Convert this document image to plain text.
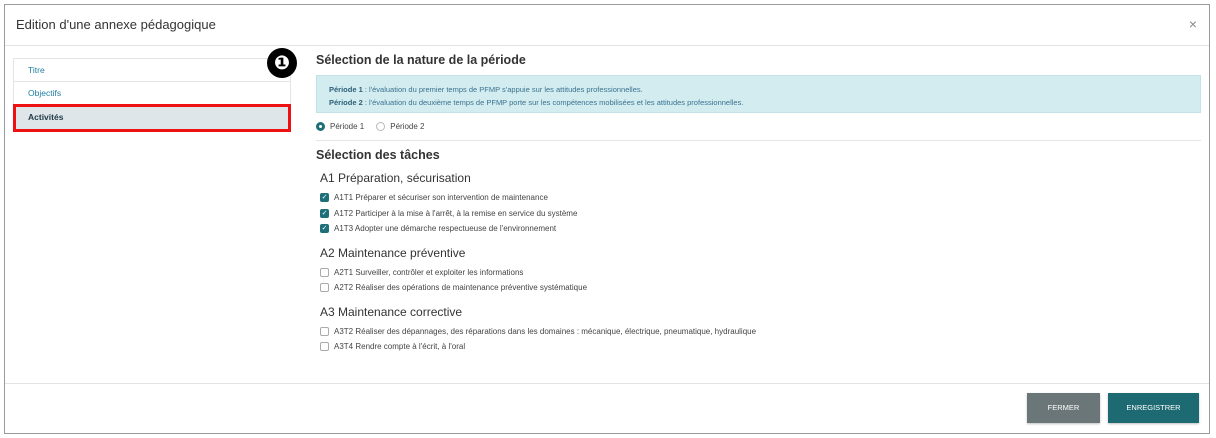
Edition d'une annexe pédagogique	×
Titre
Objectifs
Activités
❶	Sélection de la nature de la période
Période 1 : l'évaluation du premier temps de PFMP s'appuie sur les attitudes professionnelles.
Période 2 : l'évaluation du deuxième temps de PFMP porte sur les compétences mobilisées et les attitudes professionnelles.
Période 1	Période 2
Sélection des tâches
A1 Préparation, sécurisation
✓ A1T1 Préparer et sécuriser son intervention de maintenance
✓ A1T2 Participer à la mise à l'arrêt, à la remise en service du système
✓ A1T3 Adopter une démarche respectueuse de l'environnement
A2 Maintenance préventive
A2T1 Surveiller, contrôler et exploiter les informations
A2T2 Réaliser des opérations de maintenance préventive systématique
A3 Maintenance corrective
A3T2 Réaliser des dépannages, des réparations dans les domaines : mécanique, électrique, pneumatique, hydraulique
A3T4 Rendre compte à l'écrit, à l'oral
FERMER	ENREGISTRER
